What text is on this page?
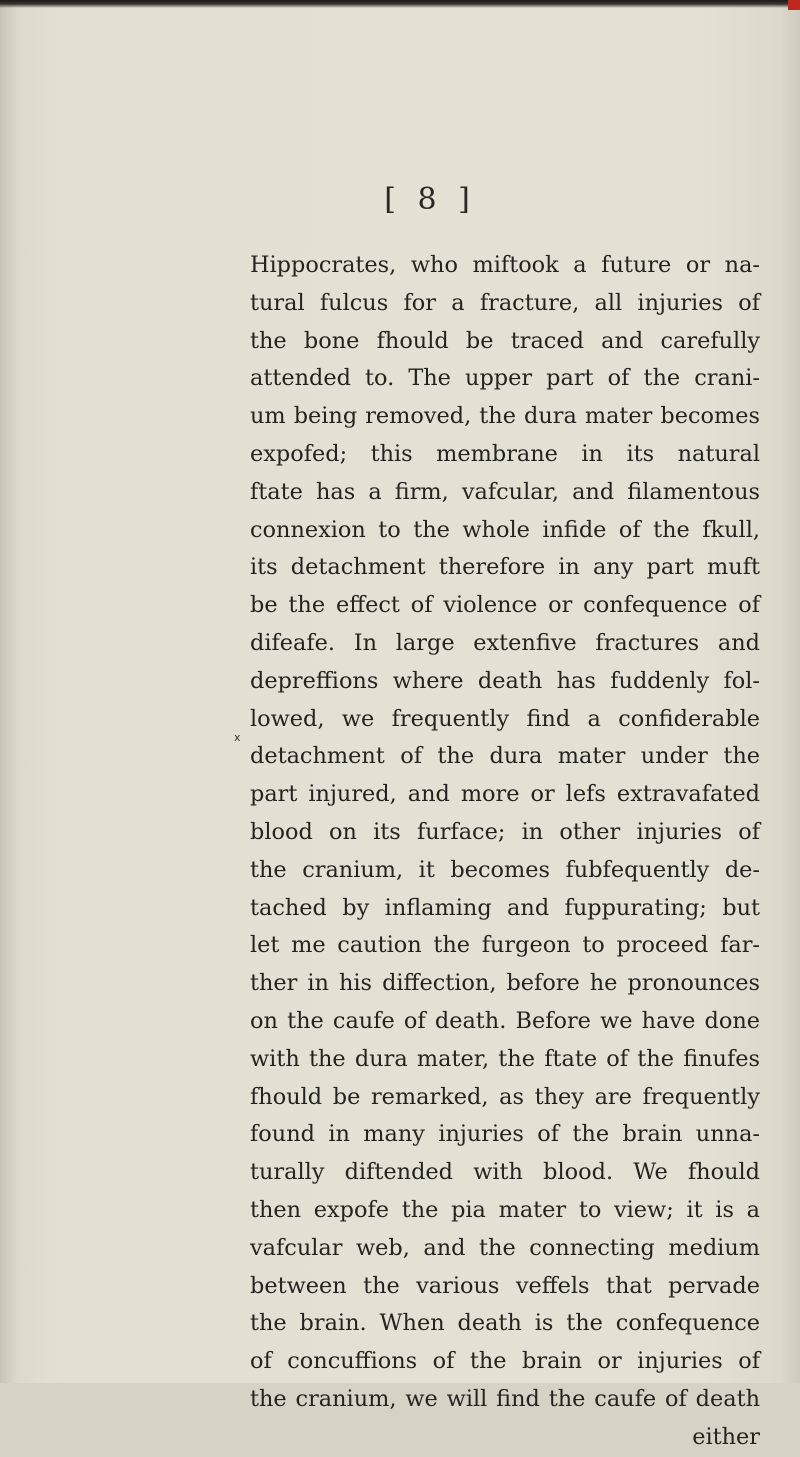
[ 8 ]
Hippocrates, who miftook a future or na-
tural fulcus for a fracture, all injuries of
the bone fhould be traced and carefully
attended to. The upper part of the crani-
um being removed, the dura mater becomes
expofed; this membrane in its natural
ftate has a firm, vafcular, and filamentous
connexion to the whole infide of the fkull,
its detachment therefore in any part muft
be the effect of violence or confequence of
difeafe. In large extenfive fractures and
depreffions where death has fuddenly fol-
lowed, we frequently find a confiderable
detachment of the dura mater under the
part injured, and more or lefs extravafated
blood on its furface; in other injuries of
the cranium, it becomes fubfequently de-
tached by inflaming and fuppurating; but
let me caution the furgeon to proceed far-
ther in his diffection, before he pronounces
on the caufe of death. Before we have done
with the dura mater, the ftate of the finufes
fhould be remarked, as they are frequently
found in many injuries of the brain unna-
turally diftended with blood. We fhould
then expofe the pia mater to view; it is a
vafcular web, and the connecting medium
between the various veffels that pervade
the brain. When death is the confequence
of concuffions of the brain or injuries of
the cranium, we will find the caufe of death
either
x
